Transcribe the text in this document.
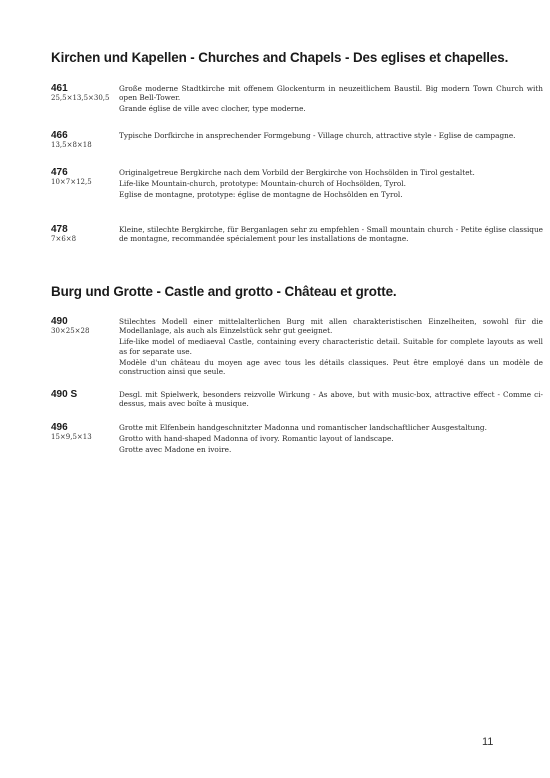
Kirchen und Kapellen - Churches and Chapels - Des eglises et chapelles.
461
25,5×13,5×30,5

Große moderne Stadtkirche mit offenem Glockenturm in neuzeitlichem Baustil. Big modern Town Church with open Bell-Tower.

Grande église de ville avec clocher, type moderne.

466
13,5×8×18

Typische Dorfkirche in ansprechender Formgebung - Village church, attractive style - Eglise de campagne.

476
10×7×12,5

Originalgetreue Bergkirche nach dem Vorbild der Bergkirche von Hochsölden in Tirol gestaltet.

Life-like Mountain-church, prototype: Mountain-church of Hochsölden, Tyrol.

Eglise de montagne, prototype: église de montagne de Hochsölden en Tyrol.

478
7×6×8

Kleine, stilechte Bergkirche, für Berganlagen sehr zu empfehlen - Small mountain church - Petite église classique de montagne, recommandée spécialement pour les installations de montagne.

Burg und Grotte - Castle and grotto - Château et grotte.
490
30×25×28

Stilechtes Modell einer mittelalterlichen Burg mit allen charakteristischen Einzelheiten, sowohl für die Modellanlage, als auch als Einzelstück sehr gut geeignet.

Life-like model of mediaeval Castle, containing every characteristic detail. Suitable for complete layouts as well as for separate use.

Modèle d'un château du moyen age avec tous les détails classiques. Peut être employé dans un modèle de construction ainsi que seule.

490 S	Desgl. mit Spielwerk, besonders reizvolle Wirkung - As above, but with music-box, attractive effect - Comme ci-dessus, mais avec boîte à musique.

496
15×9,5×13

Grotte mit Elfenbein handgeschnitzter Madonna und romantischer landschaftlicher Ausgestaltung.

Grotto with hand-shaped Madonna of ivory. Romantic layout of landscape.

Grotte avec Madone en ivoire.

11
